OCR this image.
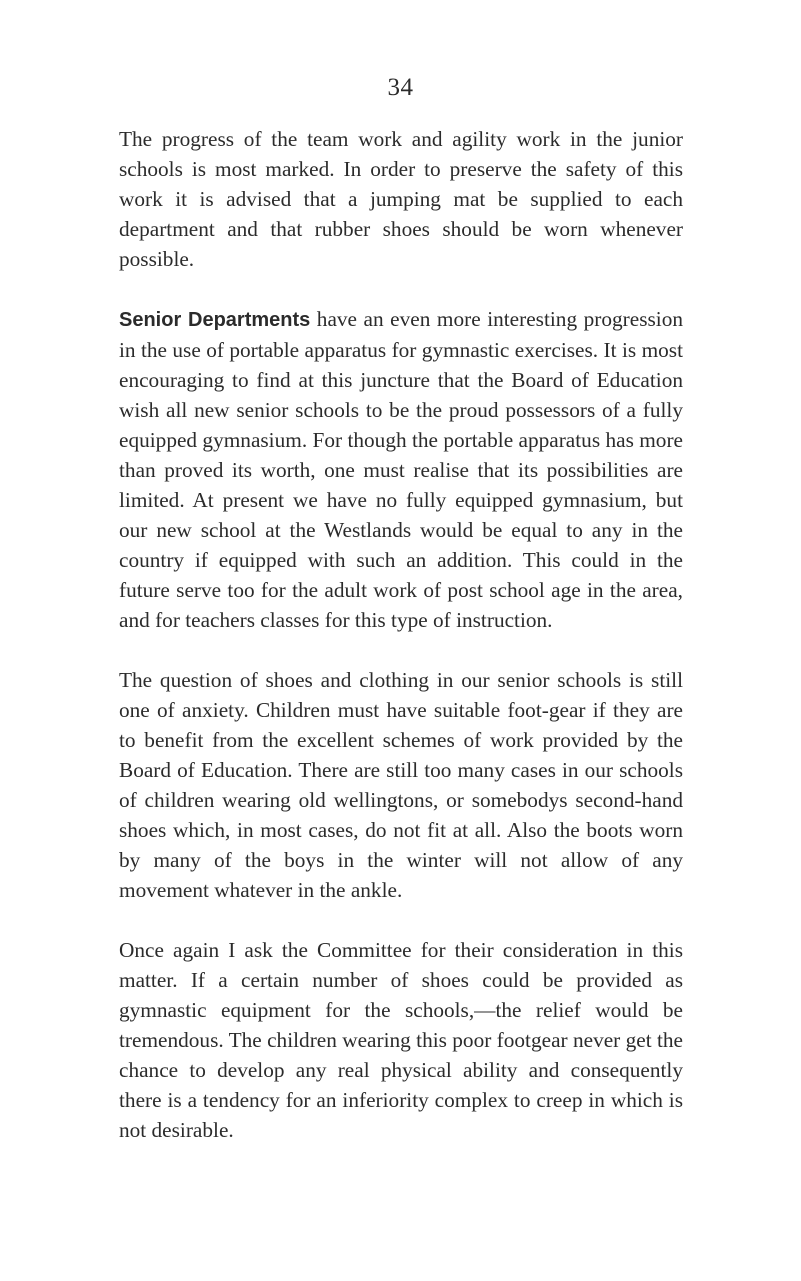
34

The progress of the team work and agility work in the junior schools is most marked. In order to preserve the safety of this work it is advised that a jumping mat be supplied to each department and that rubber shoes should be worn whenever possible.

Senior Departments have an even more interesting progression in the use of portable apparatus for gymnastic exercises. It is most encouraging to find at this juncture that the Board of Education wish all new senior schools to be the proud possessors of a fully equipped gymnasium. For though the portable apparatus has more than proved its worth, one must realise that its possibilities are limited. At present we have no fully equipped gymnasium, but our new school at the Westlands would be equal to any in the country if equipped with such an addition. This could in the future serve too for the adult work of post school age in the area, and for teachers classes for this type of instruction.

The question of shoes and clothing in our senior schools is still one of anxiety. Children must have suitable foot-gear if they are to benefit from the excellent schemes of work provided by the Board of Education. There are still too many cases in our schools of children wearing old wellingtons, or somebodys second-hand shoes which, in most cases, do not fit at all. Also the boots worn by many of the boys in the winter will not allow of any movement whatever in the ankle.

Once again I ask the Committee for their consideration in this matter. If a certain number of shoes could be provided as gymnastic equipment for the schools,—the relief would be tremendous. The children wearing this poor footgear never get the chance to develop any real physical ability and consequently there is a tendency for an inferiority complex to creep in which is not desirable.
